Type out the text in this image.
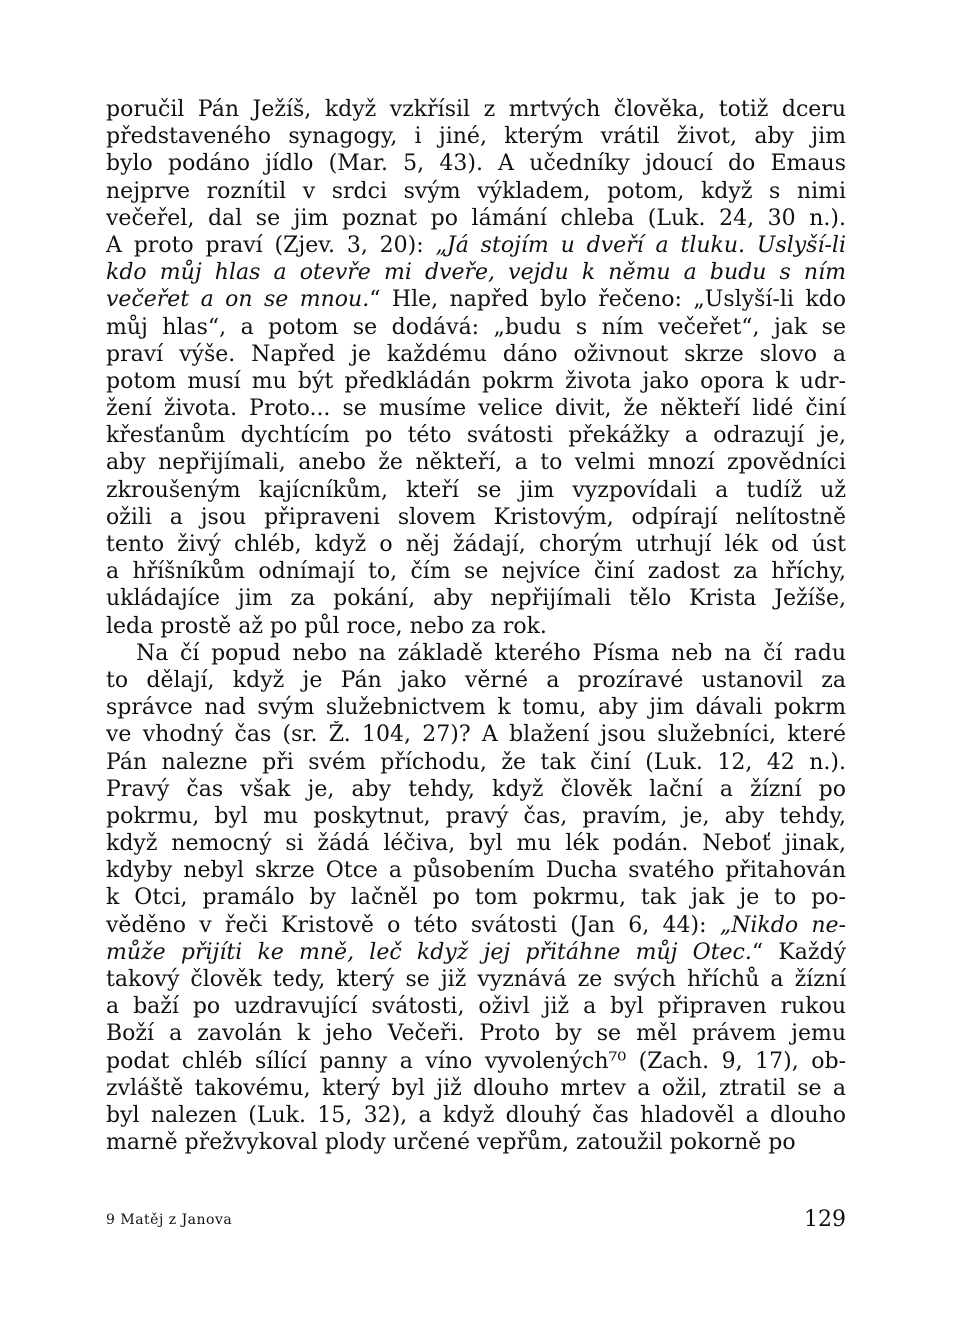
poručil Pán Ježíš, když vzkřísil z mrtvých člověka, totiž dceru
představeného synagogy, i jiné, kterým vrátil život, aby jim
bylo podáno jídlo (Mar. 5, 43). A učedníky jdoucí do Emaus
nejprve roznítil v srdci svým výkladem, potom, když s nimi
večeřel, dal se jim poznat po lámání chleba (Luk. 24, 30 n.).
A proto praví (Zjev. 3, 20): „Já stojím u dveří a tluku. Uslyší-li
kdo můj hlas a otevře mi dveře, vejdu k němu a budu s ním
večeřet a on se mnou.“ Hle, napřed bylo řečeno: „Uslyší-li kdo
můj hlas“, a potom se dodává: „budu s ním večeřet“, jak se
praví výše. Napřed je každému dáno oživnout skrze slovo a
potom musí mu být předkládán pokrm života jako opora k udr-
žení života. Proto... se musíme velice divit, že někteří lidé činí
křesťanům dychtícím po této svátosti překážky a odrazují je,
aby nepřijímali, anebo že někteří, a to velmi mnozí zpovědníci
zkroušeným kajícníkům, kteří se jim vyzpovídali a tudíž už
ožili a jsou připraveni slovem Kristovým, odpírají nelítostně
tento živý chléb, když o něj žádají, chorým utrhují lék od úst
a hříšníkům odnímají to, čím se nejvíce činí zadost za hříchy,
ukládajíce jim za pokání, aby nepřijímali tělo Krista Ježíše,
leda prostě až po půl roce, nebo za rok.
Na čí popud nebo na základě kterého Písma neb na čí radu
to dělají, když je Pán jako věrné a prozíravé ustanovil za
správce nad svým služebnictvem k tomu, aby jim dávali pokrm
ve vhodný čas (sr. Ž. 104, 27)? A blažení jsou služebníci, které
Pán nalezne při svém příchodu, že tak činí (Luk. 12, 42 n.).
Pravý čas však je, aby tehdy, když člověk lační a žízní po
pokrmu, byl mu poskytnut, pravý čas, pravím, je, aby tehdy,
když nemocný si žádá léčiva, byl mu lék podán. Neboť jinak,
kdyby nebyl skrze Otce a působením Ducha svatého přitahován
k Otci, pramálo by lačněl po tom pokrmu, tak jak je to po-
věděno v řeči Kristově o této svátosti (Jan 6, 44): „Nikdo ne-
může přijíti ke mně, leč když jej přitáhne můj Otec.“ Každý
takový člověk tedy, který se již vyznává ze svých hříchů a žízní
a baží po uzdravující svátosti, oživl již a byl připraven rukou
Boží a zavolán k jeho Večeři. Proto by se měl právem jemu
podat chléb sílící panny a víno vyvolených⁷⁰ (Zach. 9, 17), ob-
zvláště takovému, který byl již dlouho mrtev a ožil, ztratil se a
byl nalezen (Luk. 15, 32), a když dlouhý čas hladověl a dlouho
marně přežvykoval plody určené vepřům, zatoužil pokorně po
9 Matěj z Janova	129
